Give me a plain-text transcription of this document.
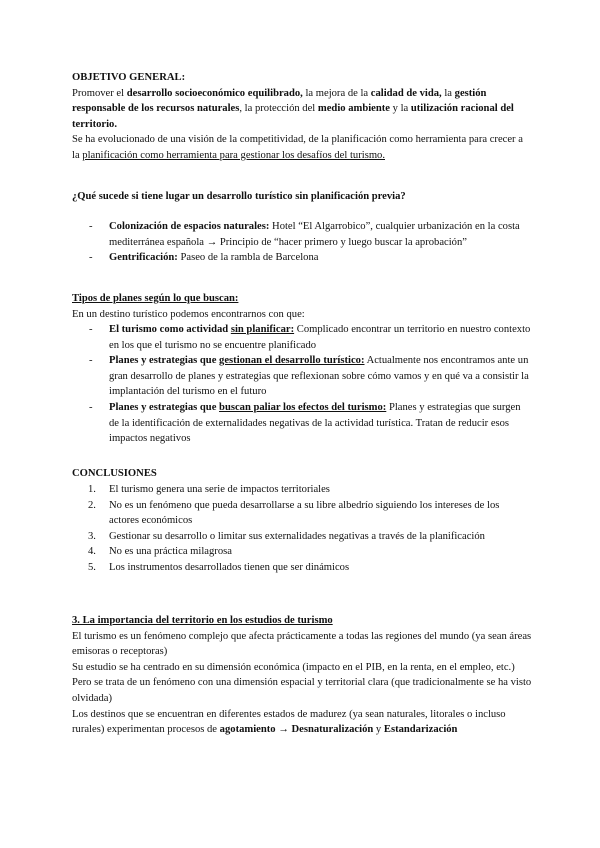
OBJETIVO GENERAL:

Promover el desarrollo socioeconómico equilibrado, la mejora de la calidad de vida, la gestión responsable de los recursos naturales, la protección del medio ambiente y la utilización racional del territorio.

Se ha evolucionado de una visión de la competitividad, de la planificación como herramienta para crecer a la planificación como herramienta para gestionar los desafíos del turismo.

¿Qué sucede si tiene lugar un desarrollo turístico sin planificación previa?

- Colonización de espacios naturales: Hotel “El Algarrobico”, cualquier urbanización en la costa mediterránea española → Principio de “hacer primero y luego buscar la aprobación”
- Gentrificación: Paseo de la rambla de Barcelona

Tipos de planes según lo que buscan:

En un destino turístico podemos encontrarnos con que:

- El turismo como actividad sin planificar: Complicado encontrar un territorio en nuestro contexto en los que el turismo no se encuentre planificado
- Planes y estrategias que gestionan el desarrollo turístico: Actualmente nos encontramos ante un gran desarrollo de planes y estrategias que reflexionan sobre cómo vamos y en qué va a consistir la implantación del turismo en el futuro
- Planes y estrategias que buscan paliar los efectos del turismo: Planes y estrategias que surgen de la identificación de externalidades negativas de la actividad turística. Tratan de reducir esos impactos negativos

CONCLUSIONES

1. El turismo genera una serie de impactos territoriales
2. No es un fenómeno que pueda desarrollarse a su libre albedrío siguiendo los intereses de los actores económicos
3. Gestionar su desarrollo o limitar sus externalidades negativas a través de la planificación
4. No es una práctica milagrosa
5. Los instrumentos desarrollados tienen que ser dinámicos

3. La importancia del territorio en los estudios de turismo

El turismo es un fenómeno complejo que afecta prácticamente a todas las regiones del mundo (ya sean áreas emisoras o receptoras)

Su estudio se ha centrado en su dimensión económica (impacto en el PIB, en la renta, en el empleo, etc.)

Pero se trata de un fenómeno con una dimensión espacial y territorial clara (que tradicionalmente se ha visto olvidada)

Los destinos que se encuentran en diferentes estados de madurez (ya sean naturales, litorales o incluso rurales) experimentan procesos de agotamiento → Desnaturalización y Estandarización
